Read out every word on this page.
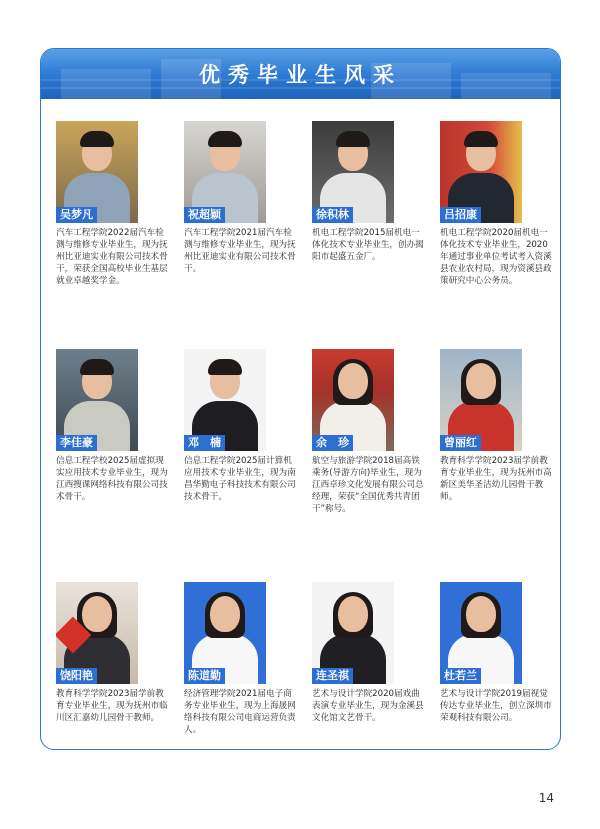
优秀毕业生风采
吴梦凡
汽车工程学院2022届汽车检测与维修专业毕业生，现为抚州比亚迪实业有限公司技术骨干，荣获全国高校毕业生基层就业卓越奖学金。
祝超颖
汽车工程学院2021届汽车检测与维修专业毕业生，现为抚州比亚迪实业有限公司技术骨干。
徐积林
机电工程学院2015届机电一体化技术专业毕业生，创办揭阳市起盛五金厂。
吕招康
机电工程学院2020届机电一体化技术专业毕业生，2020年通过事业单位考试考入资溪县农业农村局，现为资溪县政策研究中心公务员。
李佳豪
信息工程学校2025届虚拟现实应用技术专业毕业生，现为江西搜课网络科技有限公司技术骨干。
邓　楠
信息工程学院2025届计算机应用技术专业毕业生，现为南昌华勤电子科技技术有限公司技术骨干。
余　珍
航空与旅游学院2018届高铁乘务(导游方向)毕业生，现为江西卓珍文化发展有限公司总经理，荣获“全国优秀共青团干”称号。
曾丽红
教育科学学院2023届学前教育专业毕业生，现为抚州市高新区美华圣洁幼儿园骨干教师。
饶阳艳
教育科学学院2023届学前教育专业毕业生，现为抚州市临川区汇嘉幼儿园骨干教师。
陈道勤
经济管理学院2021届电子商务专业毕业生，现为上海晟网络科技有限公司电商运营负责人。
连圣祺
艺术与设计学院2020届戏曲表演专业毕业生，现为金溪县文化馆文艺骨干。
杜若兰
艺术与设计学院2019届视觉传达专业毕业生，创立深圳市荣观科技有限公司。
14
